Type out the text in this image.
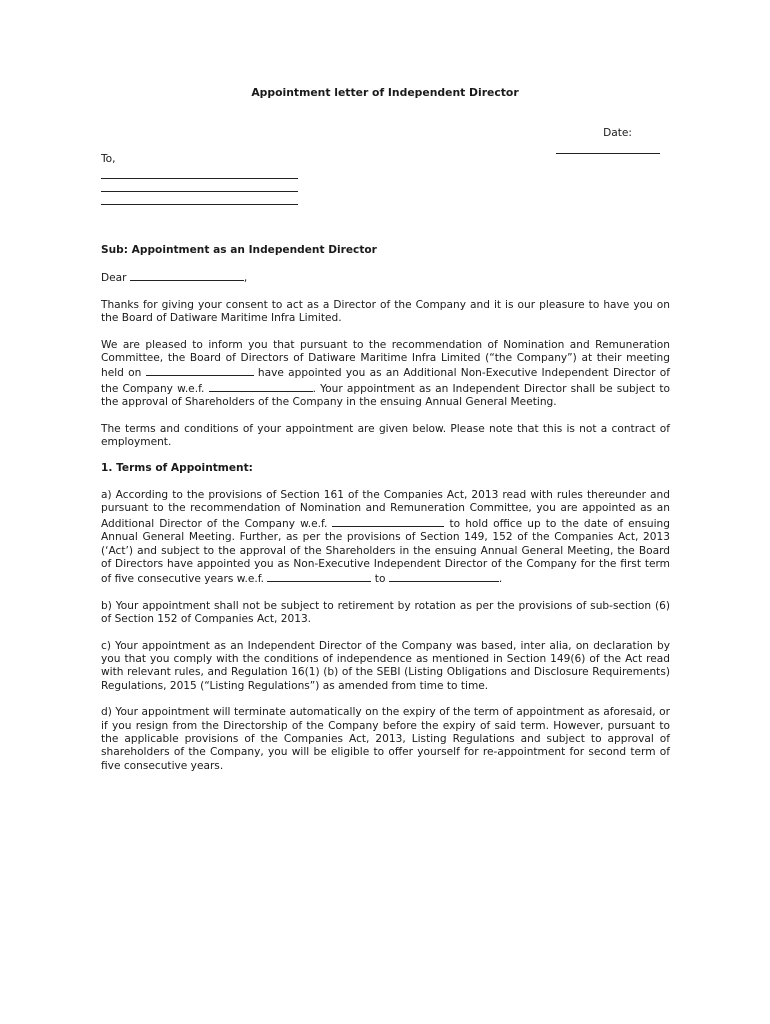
Appointment letter of Independent Director
Date:
To,

Sub: Appointment as an Independent Director

Dear	,

Thanks for giving your consent to act as a Director of the Company and it is our pleasure to have you on the Board of Datiware Maritime Infra Limited.

We are pleased to inform you that pursuant to the recommendation of Nomination and Remuneration Committee, the Board of Directors of Datiware Maritime Infra Limited (“the Company”) at their meeting held on	have appointed you as an Additional Non-Executive Independent Director of the Company w.e.f.	. Your appointment as an Independent Director shall be subject to the approval of Shareholders of the Company in the ensuing Annual General Meeting.

The terms and conditions of your appointment are given below. Please note that this is not a contract of employment.

1. Terms of Appointment:

a) According to the provisions of Section 161 of the Companies Act, 2013 read with rules thereunder and pursuant to the recommendation of Nomination and Remuneration Committee, you are appointed as an Additional Director of the Company w.e.f.	to hold office up to the date of ensuing Annual General Meeting. Further, as per the provisions of Section 149, 152 of the Companies Act, 2013 (‘Act’) and subject to the approval of the Shareholders in the ensuing Annual General Meeting, the Board of Directors have appointed you as Non-Executive Independent Director of the Company for the first term of five consecutive years w.e.f.	to	.

b) Your appointment shall not be subject to retirement by rotation as per the provisions of sub-section (6) of Section 152 of Companies Act, 2013.

c) Your appointment as an Independent Director of the Company was based, inter alia, on declaration by you that you comply with the conditions of independence as mentioned in Section 149(6) of the Act read with relevant rules, and Regulation 16(1) (b) of the SEBI (Listing Obligations and Disclosure Requirements) Regulations, 2015 (“Listing Regulations”) as amended from time to time.

d) Your appointment will terminate automatically on the expiry of the term of appointment as aforesaid, or if you resign from the Directorship of the Company before the expiry of said term. However, pursuant to the applicable provisions of the Companies Act, 2013, Listing Regulations and subject to approval of shareholders of the Company, you will be eligible to offer yourself for re-appointment for second term of five consecutive years.
